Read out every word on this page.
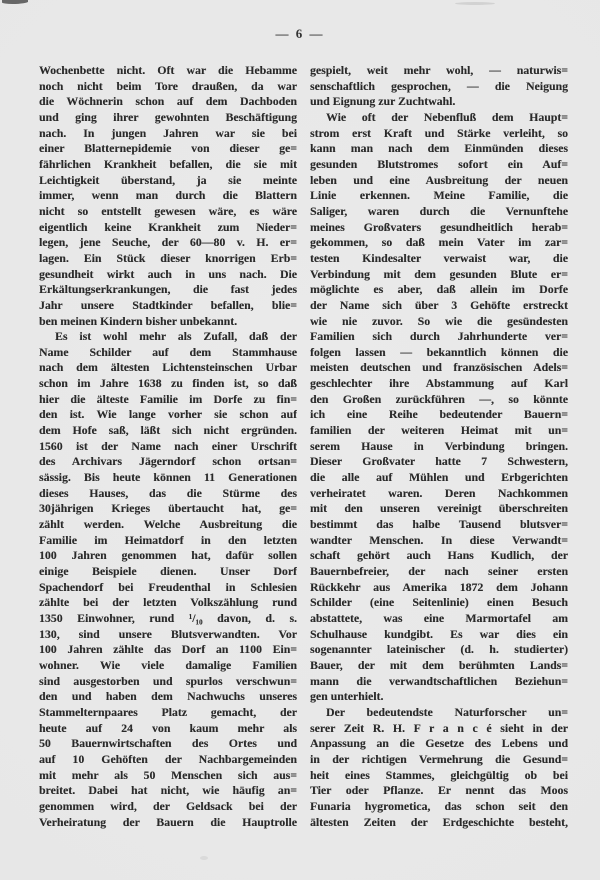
— 6 —
Wochenbette nicht. Oft war die Hebamme
noch nicht beim Tore draußen, da war
die Wöchnerin schon auf dem Dachboden
und ging ihrer gewohnten Beschäftigung
nach. In jungen Jahren war sie bei
einer Blatternepidemie von dieser ge=
fährlichen Krankheit befallen, die sie mit
Leichtigkeit überstand, ja sie meinte
immer, wenn man durch die Blattern
nicht so entstellt gewesen wäre, es wäre
eigentlich keine Krankheit zum Nieder=
legen, jene Seuche, der 60—80 v. H. er=
lagen. Ein Stück dieser knorrigen Erb=
gesundheit wirkt auch in uns nach. Die
Erkältungserkrankungen, die fast jedes
Jahr unsere Stadtkinder befallen, blie=
ben meinen Kindern bisher unbekannt.
Es ist wohl mehr als Zufall, daß der
Name Schilder auf dem Stammhause
nach dem ältesten Lichtensteinschen Urbar
schon im Jahre 1638 zu finden ist, so daß
hier die älteste Familie im Dorfe zu fin=
den ist. Wie lange vorher sie schon auf
dem Hofe saß, läßt sich nicht ergründen.
1560 ist der Name nach einer Urschrift
des Archivars Jägerndorf schon ortsan=
sässig. Bis heute können 11 Generationen
dieses Hauses, das die Stürme des
30jährigen Krieges übertaucht hat, ge=
zählt werden. Welche Ausbreitung die
Familie im Heimatdorf in den letzten
100 Jahren genommen hat, dafür sollen
einige Beispiele dienen. Unser Dorf
Spachendorf bei Freudenthal in Schlesien
zählte bei der letzten Volkszählung rund
1350 Einwohner, rund ¹/₁₀ davon, d. s.
130, sind unsere Blutsverwandten. Vor
100 Jahren zählte das Dorf an 1100 Ein=
wohner. Wie viele damalige Familien
sind ausgestorben und spurlos verschwun=
den und haben dem Nachwuchs unseres
Stammelternpaares Platz gemacht, der
heute auf 24 von kaum mehr als
50 Bauernwirtschaften des Ortes und
auf 10 Gehöften der Nachbargemeinden
mit mehr als 50 Menschen sich aus=
breitet. Dabei hat nicht, wie häufig an=
genommen wird, der Geldsack bei der
Verheiratung der Bauern die Hauptrolle
gespielt, weit mehr wohl, — naturwis=
senschaftlich gesprochen, — die Neigung
und Eignung zur Zuchtwahl.
Wie oft der Nebenfluß dem Haupt=
strom erst Kraft und Stärke verleiht, so
kann man nach dem Einmünden dieses
gesunden Blutstromes sofort ein Auf=
leben und eine Ausbreitung der neuen
Linie erkennen. Meine Familie, die
Saliger, waren durch die Vernunftehe
meines Großvaters gesundheitlich herab=
gekommen, so daß mein Vater im zar=
testen Kindesalter verwaist war, die
Verbindung mit dem gesunden Blute er=
möglichte es aber, daß allein im Dorfe
der Name sich über 3 Gehöfte erstreckt
wie nie zuvor. So wie die gesündesten
Familien sich durch Jahrhunderte ver=
folgen lassen — bekanntlich können die
meisten deutschen und französischen Adels=
geschlechter ihre Abstammung auf Karl
den Großen zurückführen —, so könnte
ich eine Reihe bedeutender Bauern=
familien der weiteren Heimat mit un=
serem Hause in Verbindung bringen.
Dieser Großvater hatte 7 Schwestern,
die alle auf Mühlen und Erbgerichten
verheiratet waren. Deren Nachkommen
mit den unseren vereinigt überschreiten
bestimmt das halbe Tausend blutsver=
wandter Menschen. In diese Verwandt=
schaft gehört auch Hans Kudlich, der
Bauernbefreier, der nach seiner ersten
Rückkehr aus Amerika 1872 dem Johann
Schilder (eine Seitenlinie) einen Besuch
abstattete, was eine Marmortafel am
Schulhause kundgibt. Es war dies ein
sogenannter lateinischer (d. h. studierter)
Bauer, der mit dem berühmten Lands=
mann die verwandtschaftlichen Beziehun=
gen unterhielt.
Der bedeutendste Naturforscher un=
serer Zeit R. H. F r a n c é sieht in der
Anpassung an die Gesetze des Lebens und
in der richtigen Vermehrung die Gesund=
heit eines Stammes, gleichgültig ob bei
Tier oder Pflanze. Er nennt das Moos
Funaria hygrometica, das schon seit den
ältesten Zeiten der Erdgeschichte besteht,
